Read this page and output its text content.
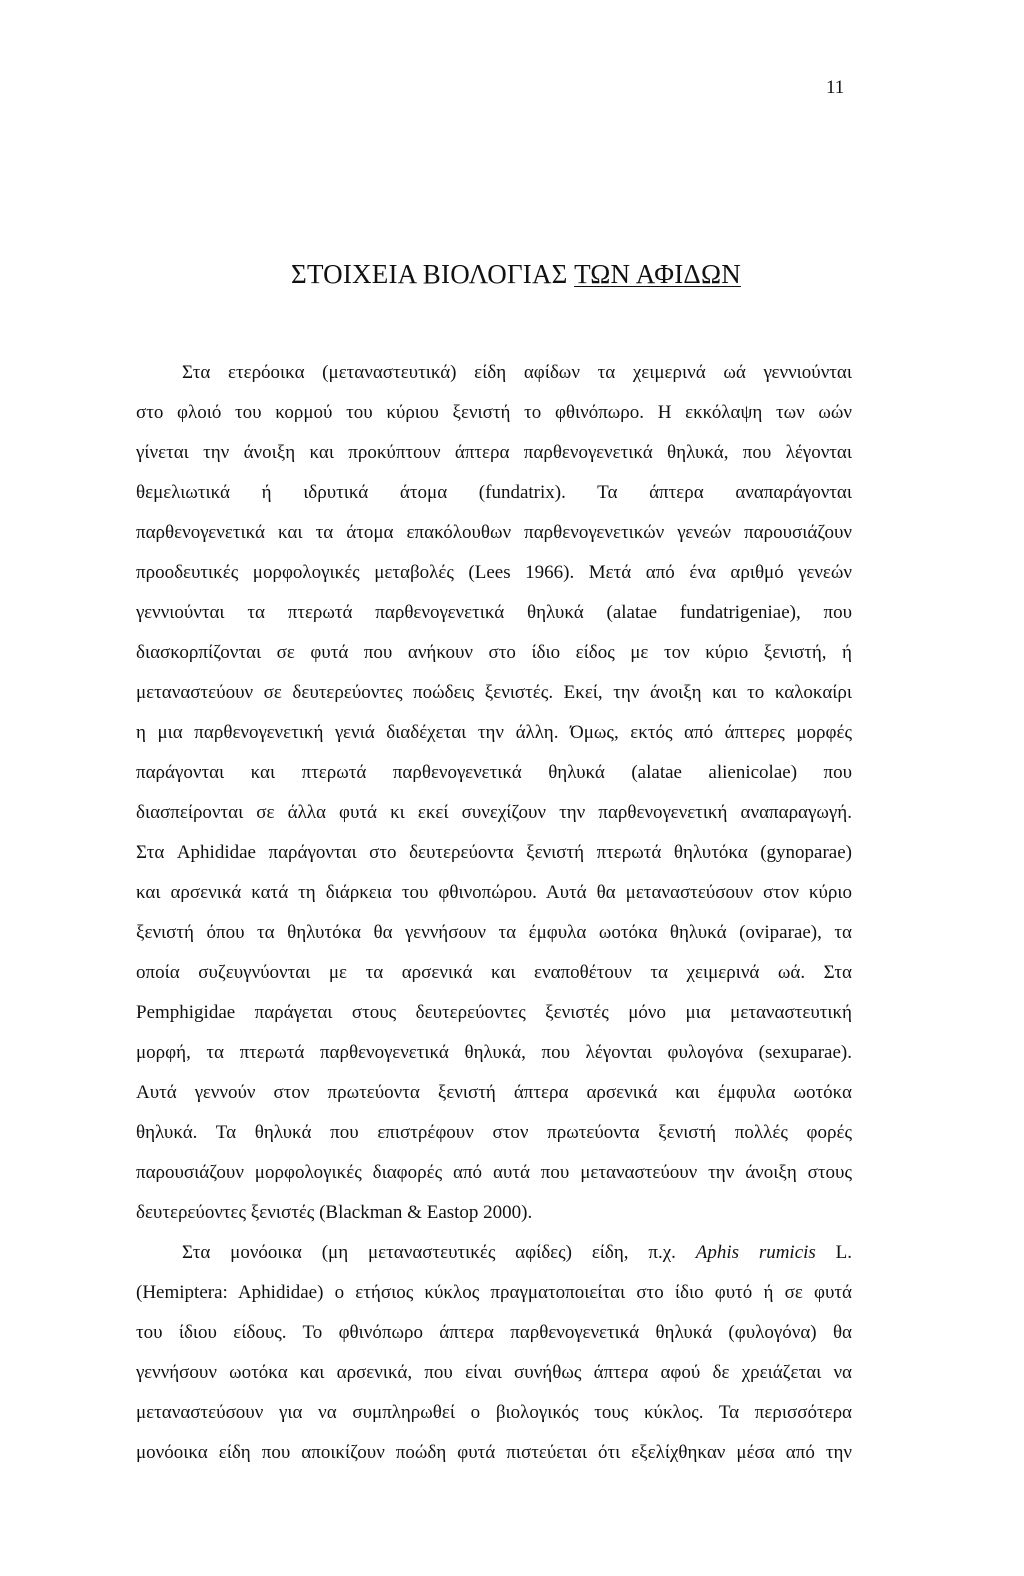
11
ΣΤΟΙΧΕΙΑ ΒΙΟΛΟΓΙΑΣ ΤΩΝ ΑΦΙΔΩΝ
Στα ετερόοικα (μεταναστευτικά) είδη αφίδων τα χειμερινά ωά γεννιούνται
στο φλοιό του κορμού του κύριου ξενιστή το φθινόπωρο. Η εκκόλαψη των ωών
γίνεται την άνοιξη και προκύπτουν άπτερα παρθενογενετικά θηλυκά, που λέγονται
θεμελιωτικά ή ιδρυτικά άτομα (fundatrix). Τα άπτερα αναπαράγονται
παρθενογενετικά και τα άτομα επακόλουθων παρθενογενετικών γενεών παρουσιάζουν
προοδευτικές μορφολογικές μεταβολές (Lees 1966). Μετά από ένα αριθμό γενεών
γεννιούνται τα πτερωτά παρθενογενετικά θηλυκά (alatae fundatrigeniae), που
διασκορπίζονται σε φυτά που ανήκουν στο ίδιο είδος με τον κύριο ξενιστή, ή
μεταναστεύουν σε δευτερεύοντες ποώδεις ξενιστές. Εκεί, την άνοιξη και το καλοκαίρι
η μια παρθενογενετική γενιά διαδέχεται την άλλη. Όμως, εκτός από άπτερες μορφές
παράγονται και πτερωτά παρθενογενετικά θηλυκά (alatae alienicolae) που
διασπείρονται σε άλλα φυτά κι εκεί συνεχίζουν την παρθενογενετική αναπαραγωγή.
Στα Aphididae παράγονται στο δευτερεύοντα ξενιστή πτερωτά θηλυτόκα (gynoparae)
και αρσενικά κατά τη διάρκεια του φθινοπώρου. Αυτά θα μεταναστεύσουν στον κύριο
ξενιστή όπου τα θηλυτόκα θα γεννήσουν τα έμφυλα ωοτόκα θηλυκά (oviparae), τα
οποία συζευγνύονται με τα αρσενικά και εναποθέτουν τα χειμερινά ωά. Στα
Pemphigidae παράγεται στους δευτερεύοντες ξενιστές μόνο μια μεταναστευτική
μορφή, τα πτερωτά παρθενογενετικά θηλυκά, που λέγονται φυλογόνα (sexuparae).
Αυτά γεννούν στον πρωτεύοντα ξενιστή άπτερα αρσενικά και έμφυλα ωοτόκα
θηλυκά. Τα θηλυκά που επιστρέφουν στον πρωτεύοντα ξενιστή πολλές φορές
παρουσιάζουν μορφολογικές διαφορές από αυτά που μεταναστεύουν την άνοιξη στους
δευτερεύοντες ξενιστές (Blackman & Eastop 2000).
Στα μονόοικα (μη μεταναστευτικές αφίδες) είδη, π.χ. Aphis rumicis L.
(Hemiptera: Aphididae) ο ετήσιος κύκλος πραγματοποιείται στο ίδιο φυτό ή σε φυτά
του ίδιου είδους. Το φθινόπωρο άπτερα παρθενογενετικά θηλυκά (φυλογόνα) θα
γεννήσουν ωοτόκα και αρσενικά, που είναι συνήθως άπτερα αφού δε χρειάζεται να
μεταναστεύσουν για να συμπληρωθεί ο βιολογικός τους κύκλος. Τα περισσότερα
μονόοικα είδη που αποικίζουν ποώδη φυτά πιστεύεται ότι εξελίχθηκαν μέσα από την
